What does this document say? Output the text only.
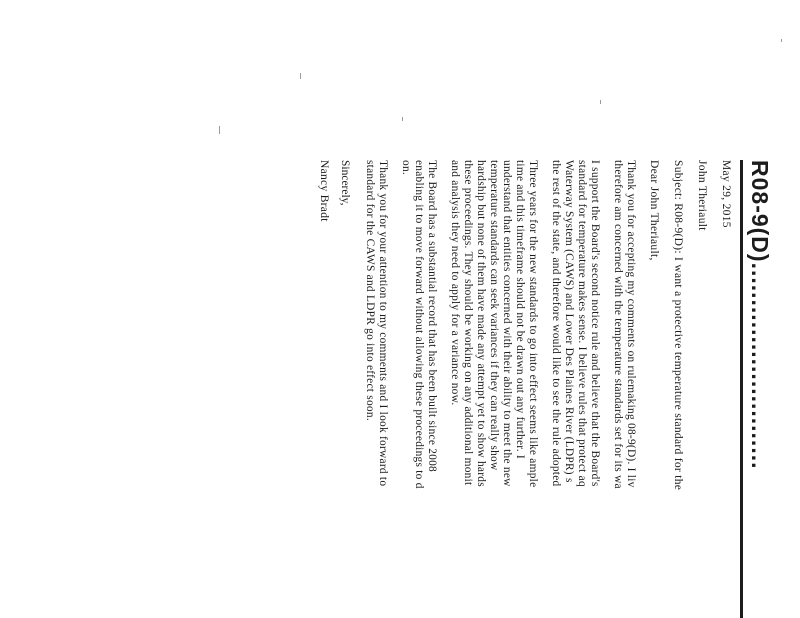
R08-9(D)............................
May 29, 2015
John Theriault
Subject: R08-9(D): I want a protective temperature standard for the
Dear John Theriault,
Thank you for accepting my comments on rulemaking 08-9(D). I liv
therefore am concerned with the temperature standards set for its wa
I support the Board's second notice rule and believe that the Board's
standard for temperature makes sense. I believe rules that protect aq
Waterway System (CAWS) and Lower Des Plaines River (LDPR) s
the rest of the state, and therefore would like to see the rule adopted
Three years for the new standards to go into effect seems like ample
time and this timeframe should not be drawn out any further. I
understand that entities concerned with their ability to meet the new
temperature standards can seek variances if they can really show
hardship but none of them have made any attempt yet to show hards
these proceedings. They should be working on any additional monit
and analysis they need to apply for a variance now.
The Board has a substantial record that has been built since 2008
enabling it to move forward without allowing these proceedings to d
on.
Thank you for your attention to my comments and I look forward to
standard for the CAWS and LDPR go into effect soon.
Sincerely,
Nancy Bradt
